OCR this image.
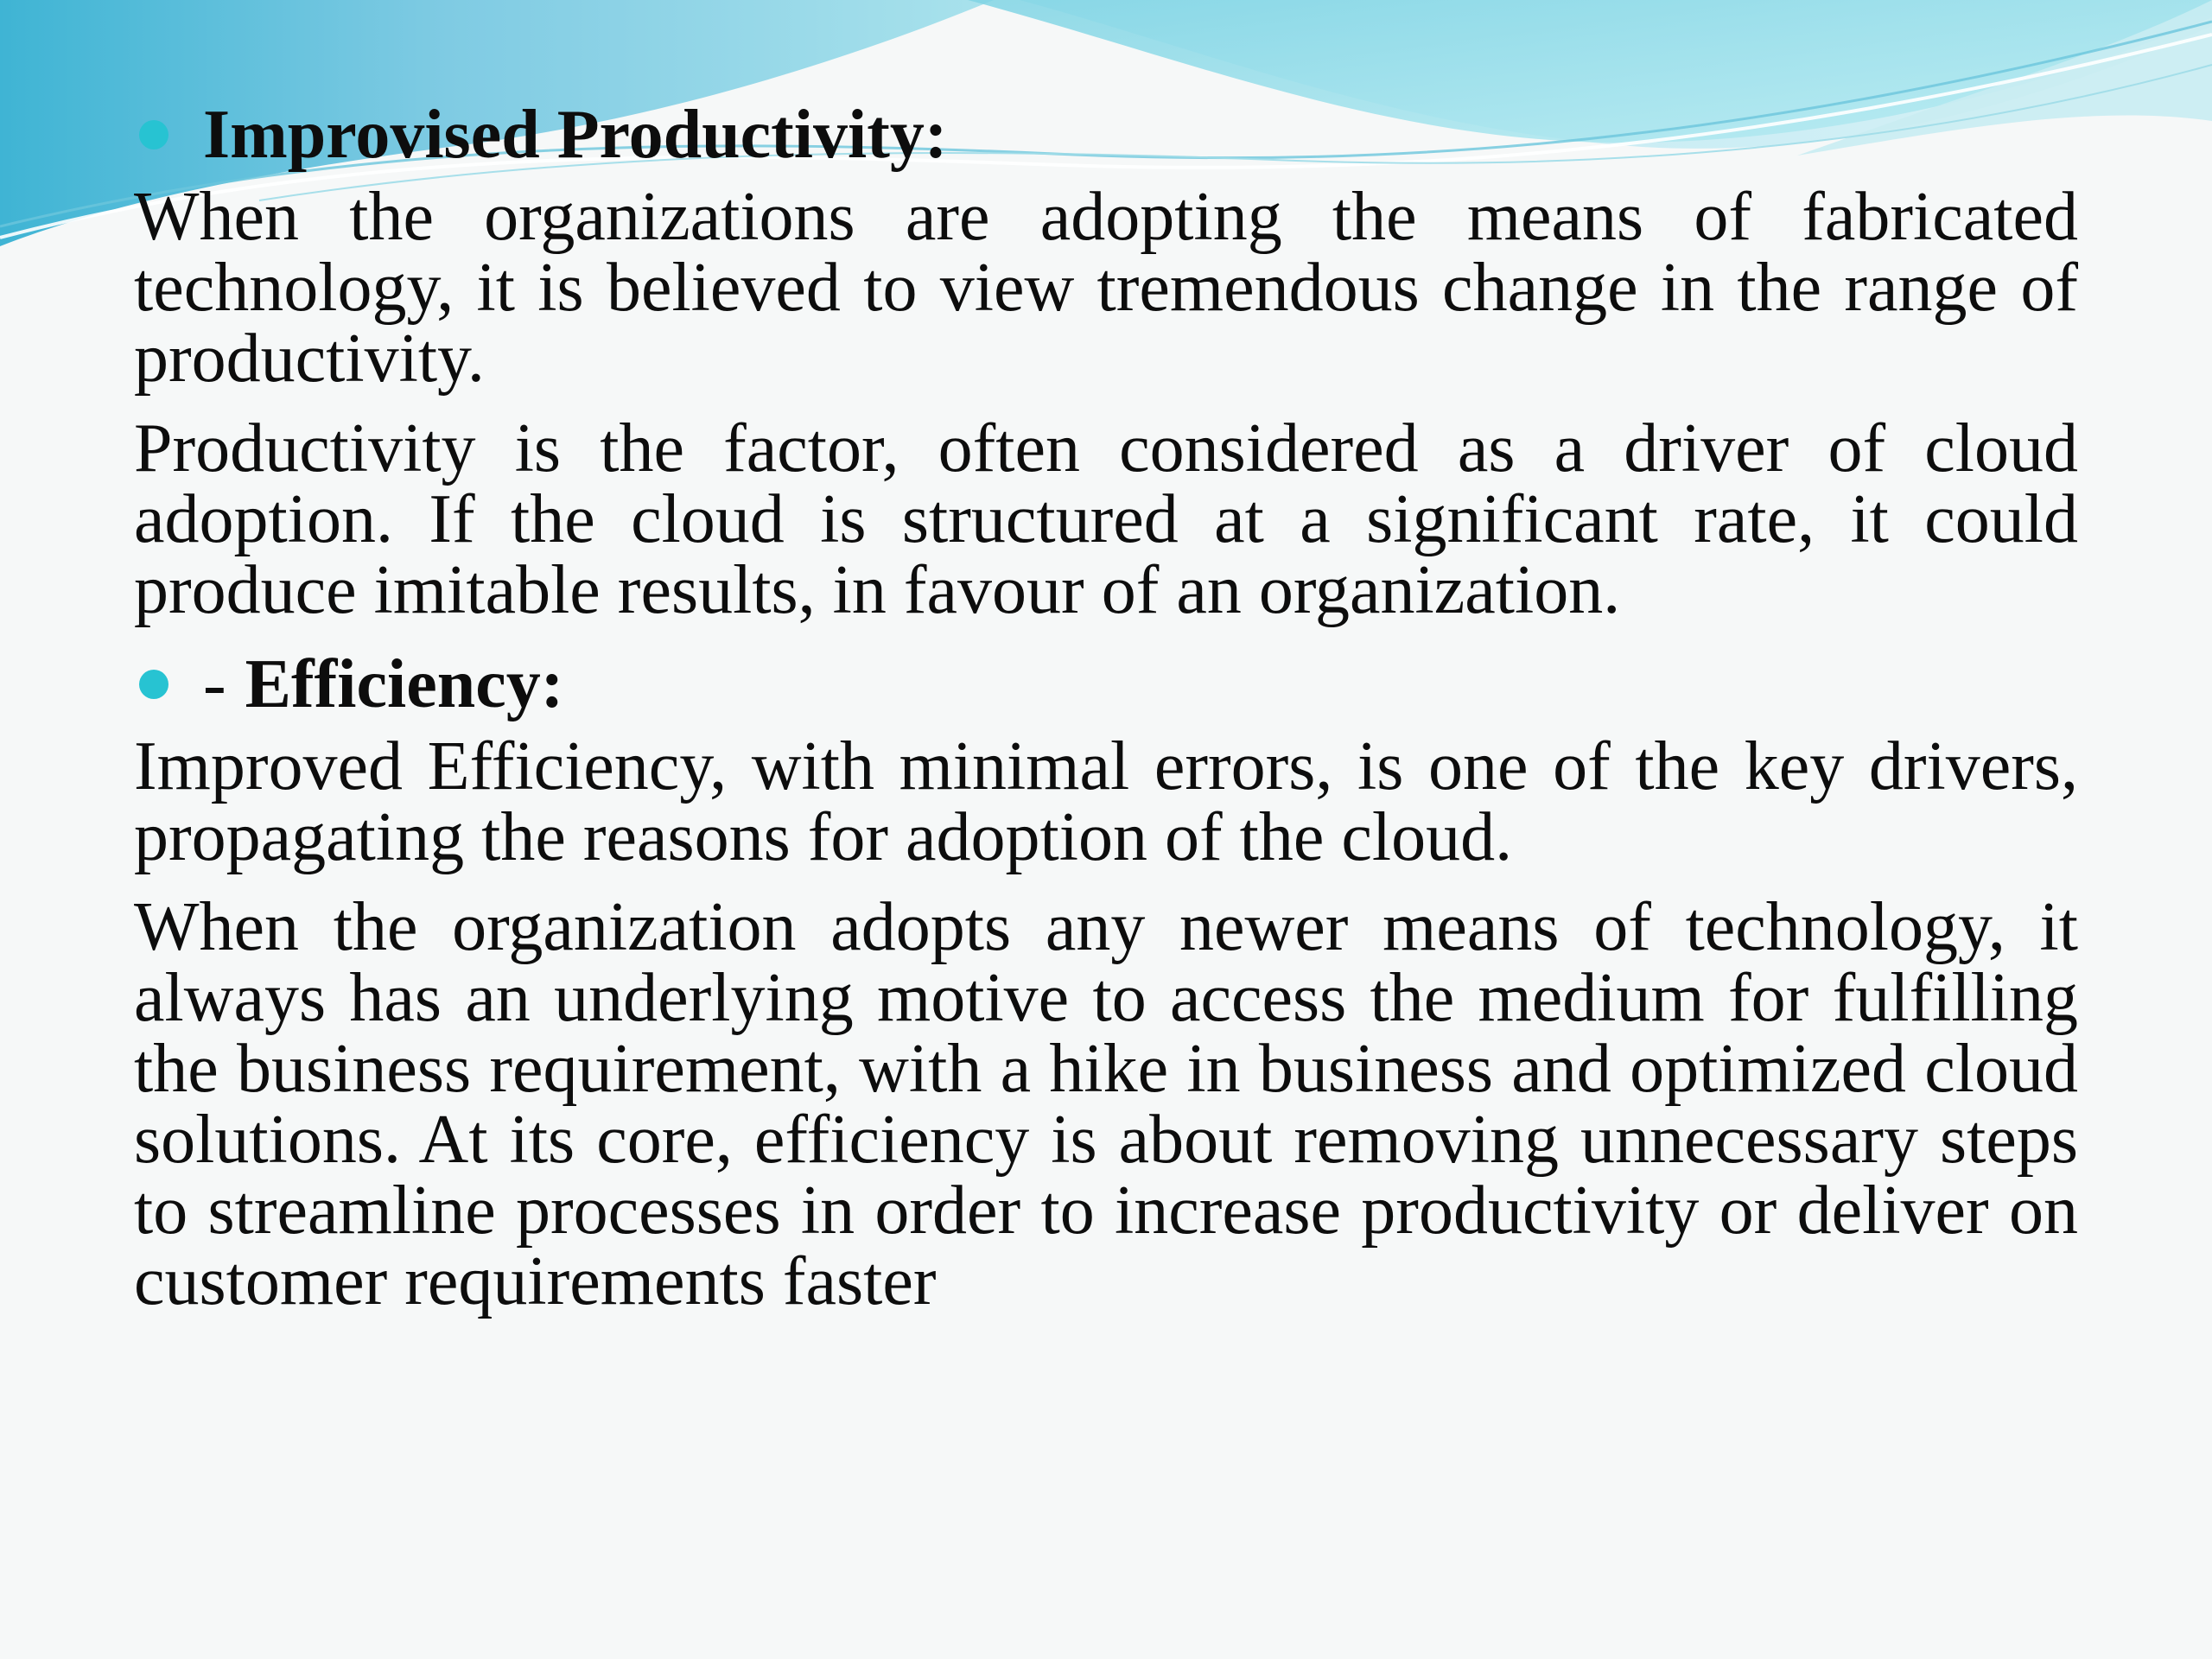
Improvised Productivity:

When the organizations are adopting the means of fabricated technology, it is believed to view tremendous change in the range of productivity.

Productivity is the factor, often considered as a driver of cloud adoption. If the cloud is structured at a significant rate, it could produce imitable results, in favour of an organization.

- Efficiency:

Improved Efficiency, with minimal errors, is one of the key drivers, propagating the reasons for adoption of the cloud.

When the organization adopts any newer means of technology, it always has an underlying motive to access the medium for fulfilling the business requirement, with a hike in business and optimized cloud solutions. At its core, efficiency is about removing unnecessary steps to streamline processes in order to increase productivity or deliver on customer requirements faster
